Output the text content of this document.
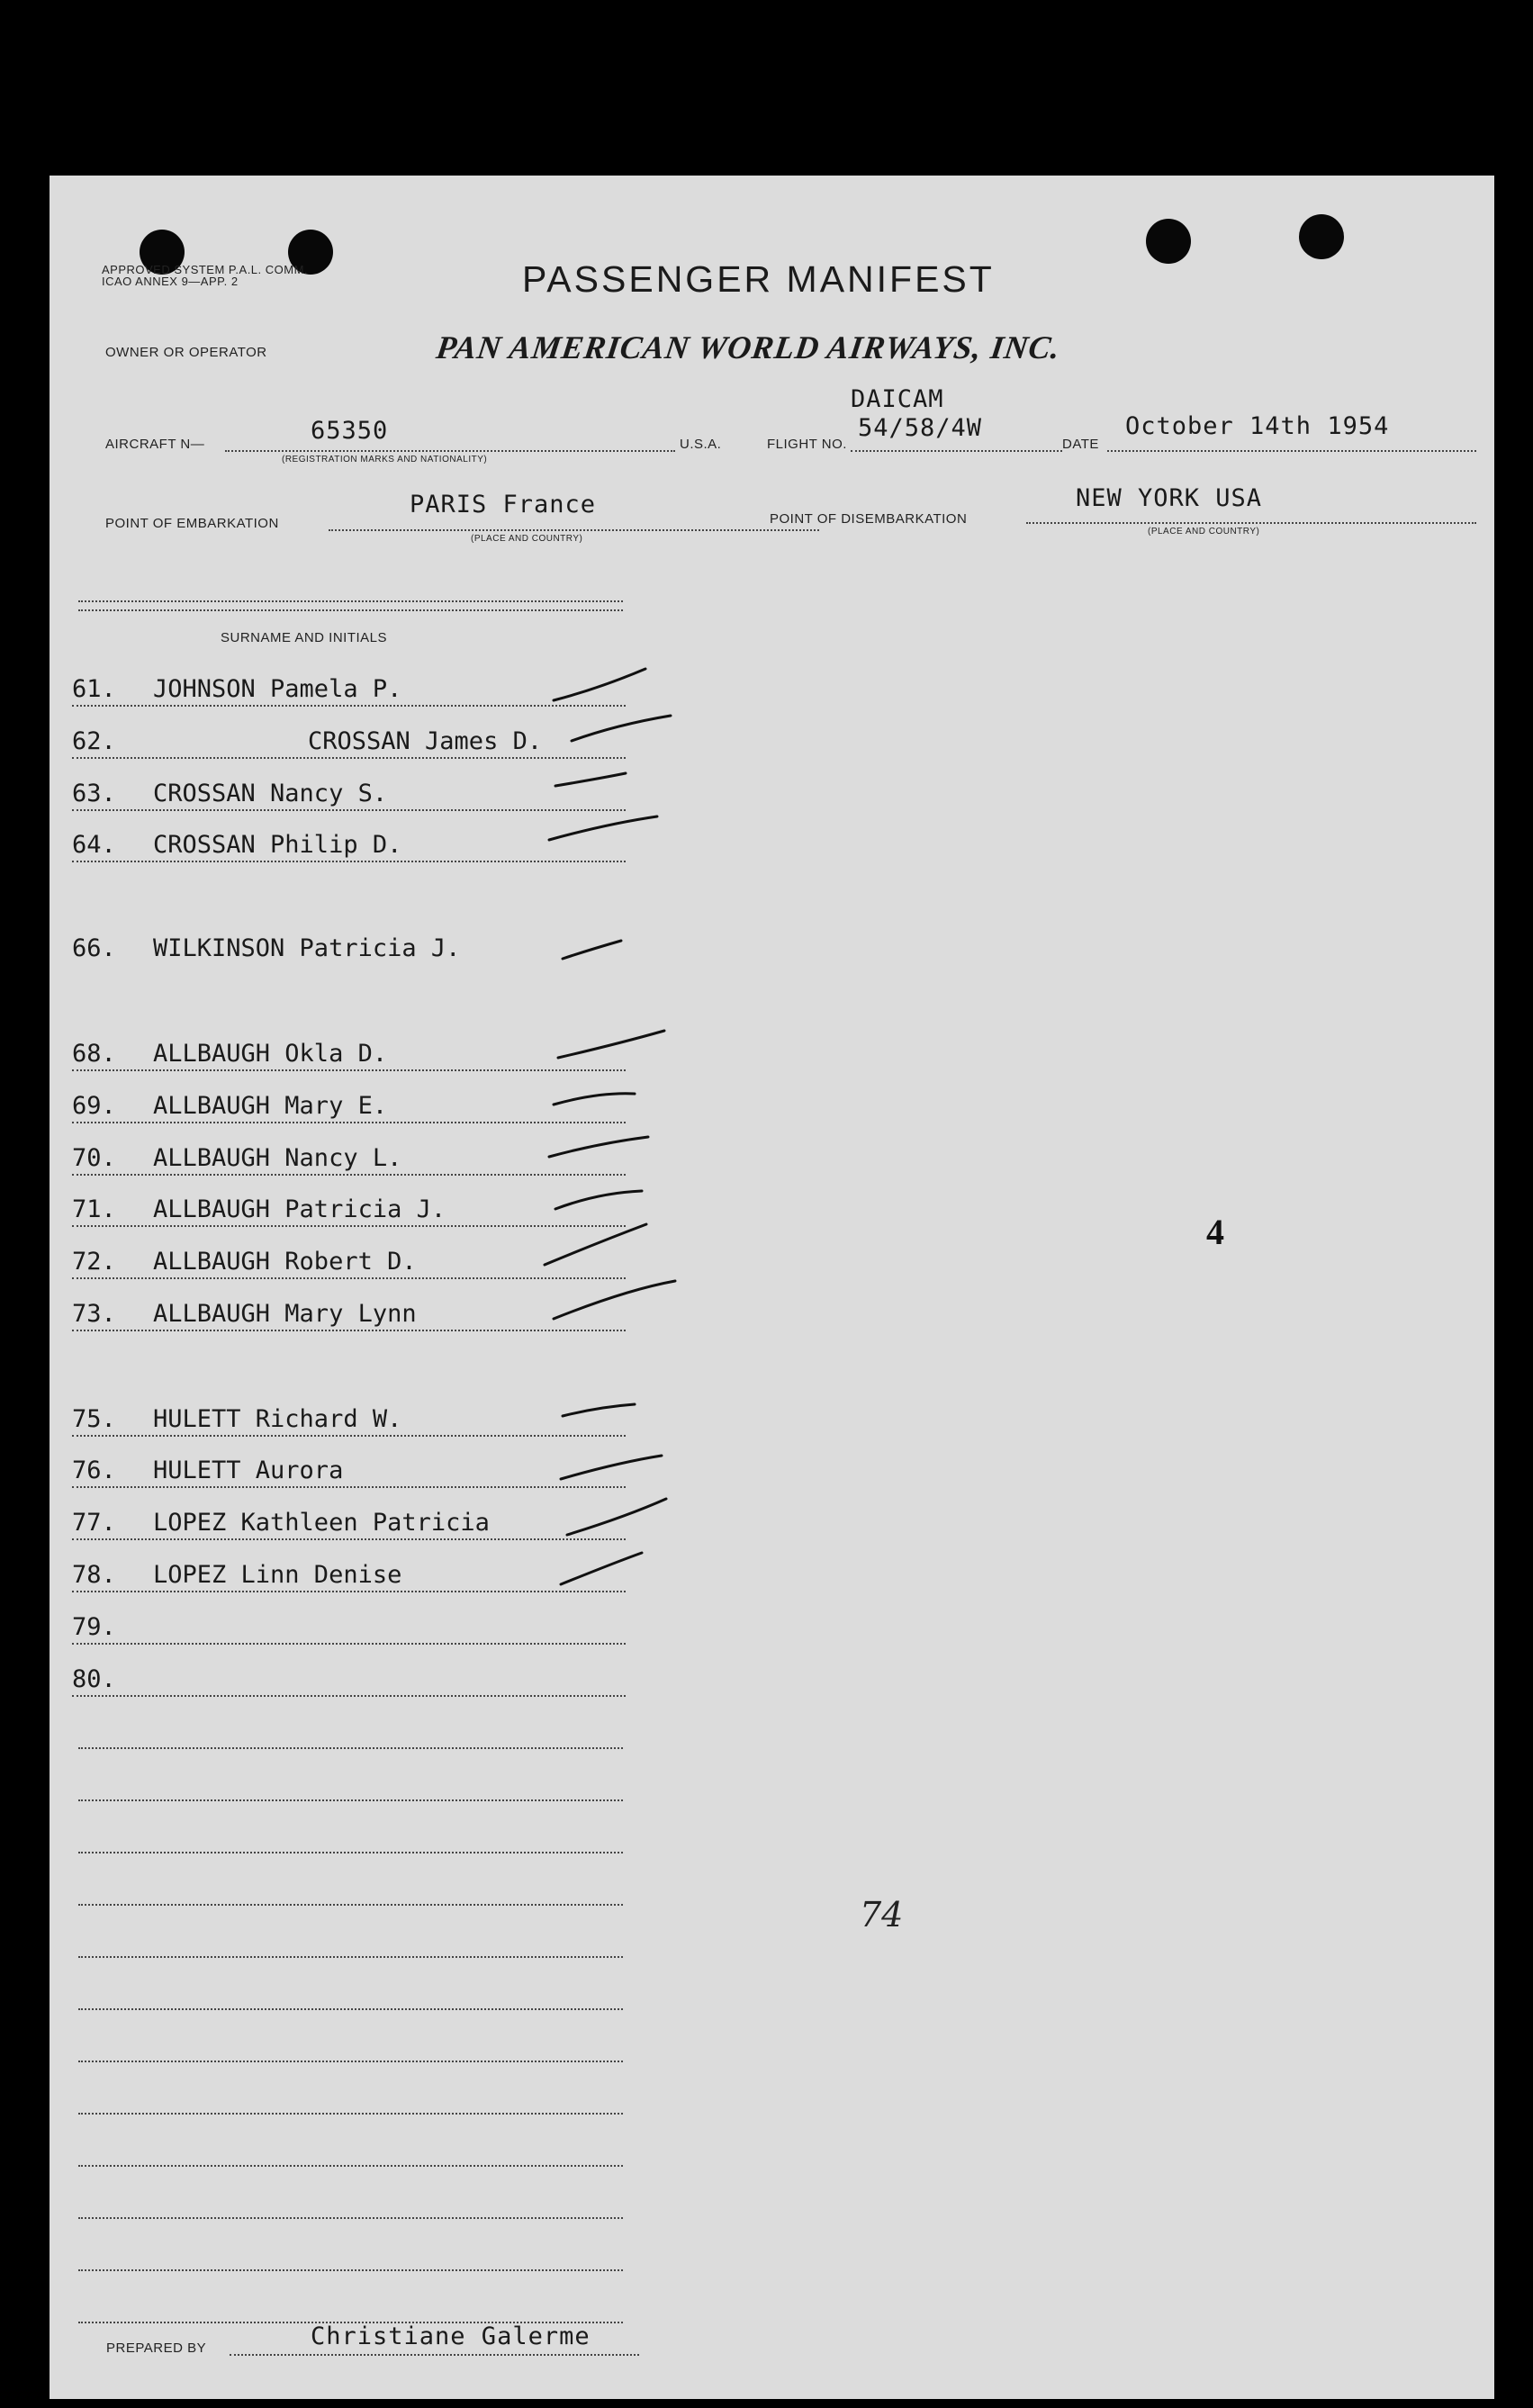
APPROVED SYSTEM P.A.L. COMM. ICAO ANNEX 9—APP. 2	PASSENGER MANIFEST
PAN AMERICAN WORLD AIRWAYS, INC.
OWNER OR OPERATOR
AIRCRAFT N—	65350
(REGISTRATION MARKS AND NATIONALITY)
U.S.A.	FLIGHT NO.
DAICAM
54/58/4W
DATE
October 14th 1954
POINT OF EMBARKATION
PARIS France
(PLACE AND COUNTRY)
POINT OF DISEMBARKATION
NEW YORK USA
(PLACE AND COUNTRY)
SURNAME AND INITIALS
61. JOHNSON Pamela P.
62.	CROSSAN James D.
63. CROSSAN Nancy S.
64. CROSSAN Philip D.
66. WILKINSON Patricia J.
68. ALLBAUGH Okla D.
69. ALLBAUGH Mary E.
70. ALLBAUGH Nancy L.
71. ALLBAUGH Patricia J.
72. ALLBAUGH Robert D.
73. ALLBAUGH Mary Lynn
75. HULETT Richard W.
76. HULETT Aurora
77. LOPEZ Kathleen Patricia
78. LOPEZ Linn Denise
79.
80.
4
74
PREPARED BY	Christiane Galerme
